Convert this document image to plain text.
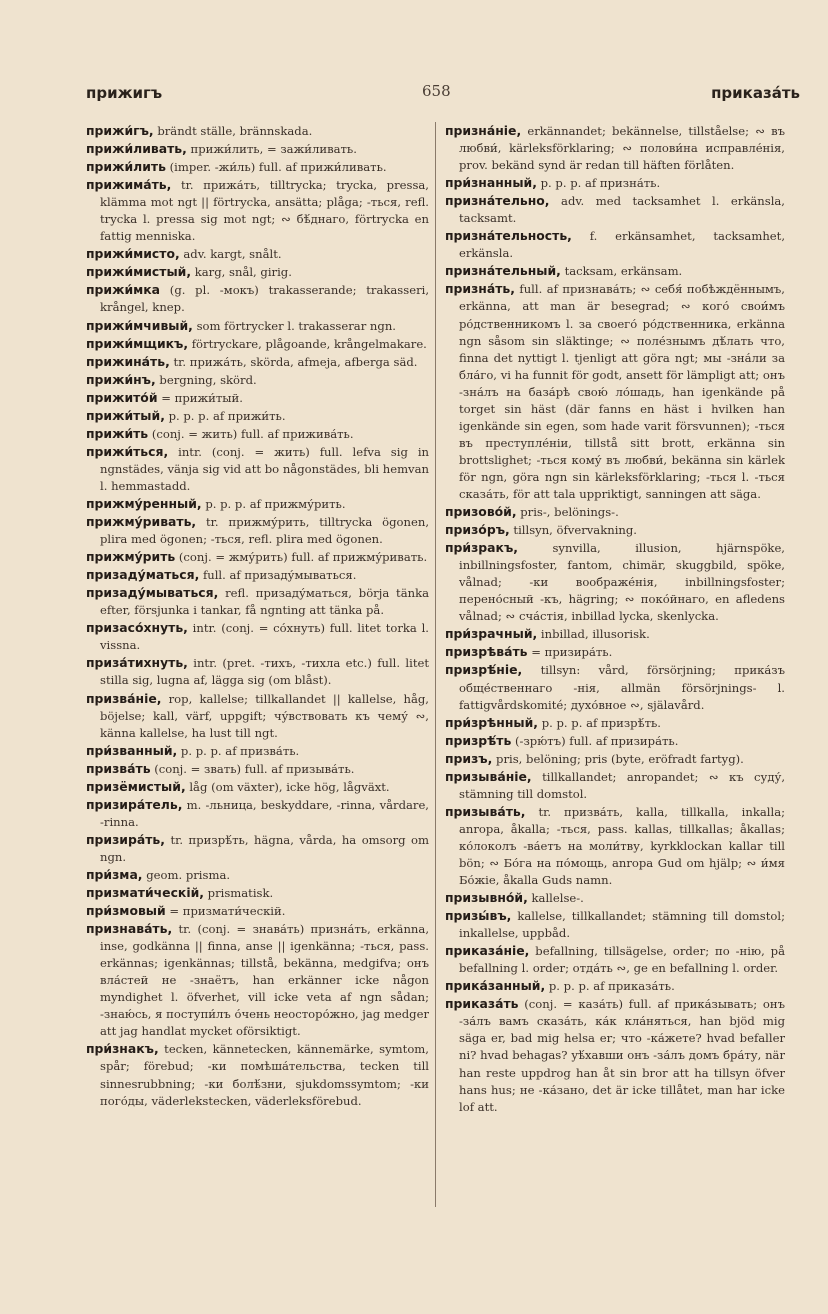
прижигъ	658	приказа́ть

прижи́гъ, brändt ställe, brännskada.

прижи́ливать, прижи́лить, = зажи́ливать.

прижи́лить (imper. -жи́ль) full. af прижи́ливать.

прижима́ть, tr. прижа́ть, tilltrycka; trycka, pressa, klämma mot ngt || förtrycka, ansätta; plåga; -ться, refl. trycka l. pressa sig mot ngt; ∾ бѣ́днаго, förtrycka en fattig menniska.

прижи́мисто, adv. kargt, snålt.

прижи́мистый, karg, snål, girig.

прижи́мка (g. pl. -мокъ) trakasserande; trakasseri, krångel, knep.

прижи́мчивый, som förtrycker l. trakasserar ngn.

прижи́мщикъ, förtryckare, plågoande, krångelmakare.

прижина́ть, tr. прижа́ть, skörda, afmeja, afberga säd.

прижи́нъ, bergning, skörd.

прижито́й = прижи́тый.

прижи́тый, p. p. p. af прижи́ть.

прижи́ть (conj. = жить) full. af прижива́ть.

прижи́ться, intr. (conj. = жить) full. lefva sig in ngnstädes, vänja sig vid att bo någonstädes, bli hemvan l. hemmastadd.

прижму́ренный, p. p. p. af прижму́рить.

прижму́ривать, tr. прижму́рить, tilltrycka ögonen, plira med ögonen; -ться, refl. plira med ögonen.

прижму́рить (conj. = жму́рить) full. af прижму́ривать.

призаду́маться, full. af призаду́мываться.

призаду́мываться, refl. призаду́маться, börja tänka efter, försjunka i tankar, få ngnting att tänka på.

призасо́хнуть, intr. (conj. = со́хнуть) full. litet torka l. vissna.

приза́тихнуть, intr. (pret. -тихъ, -тихла etc.) full. litet stilla sig, lugna af, lägga sig (om blåst).

призва́ніе, rop, kallelse; tillkallandet || kallelse, håg, böjelse; kall, värf, uppgift; чу́вствовать къ чему́ ∾, känna kallelse, ha lust till ngt.

при́званный, p. p. p. af призва́ть.

призва́ть (conj. = звать) full. af призыва́ть.

призёмистый, låg (om växter), icke hög, lågväxt.

призира́тель, m. -льница, beskyddare, -rinna, vårdare, -rinna.

призира́ть, tr. призрѣ́ть, hägna, vårda, ha omsorg om ngn.

при́зма, geom. prisma.

призмати́ческій, prismatisk.

при́змовый = призмати́ческій.

признава́ть, tr. (conj. = знава́ть) призна́ть, erkänna, inse, godkänna || finna, anse || igenkänna; -ться, pass. erkännas; igenkännas; tillstå, bekänna, medgifva; онъ вла́стей не -знаётъ, han erkänner icke någon myndighet l. öfverhet, vill icke veta af ngn sådan; -знаю́сь, я поступи́лъ о́чень неосторо́жно, jag medger att jag handlat mycket oförsiktigt.

при́знакъ, tecken, kännetecken, kännemärke, symtom, spår; förebud; -ки помѣша́тельства, tecken till sinnesrubbning; -ки болѣ́зни, sjukdomssymtom; -ки пого́ды, väderlekstecken, väderleksförebud.

призна́ніе, erkännandet; bekännelse, tillståelse; ∾ въ любви́, kärleksförklaring; ∾ полови́на исправле́нія, prov. bekänd synd är redan till häften förlåten.

при́знанный, p. p. p. af призна́ть.

призна́тельно, adv. med tacksamhet l. erkänsla, tacksamt.

призна́тельность, f. erkänsamhet, tacksamhet, erkänsla.

призна́тельный, tacksam, erkänsam.

призна́ть, full. af признава́ть; ∾ себя́ побѣждённымъ, erkänna, att man är besegrad; ∾ кого́ свои́мъ ро́дственникомъ l. за своего́ ро́дственника, erkänna ngn såsom sin släktinge; ∾ поле́знымъ дѣ́лать что, finna det nyttigt l. tjenligt att göra ngt; мы -зна́ли за бла́го, vi ha funnit för godt, ansett för lämpligt att; онъ -зна́лъ на база́рѣ свою́ ло́шадь, han igenkände på torget sin häst (där fanns en häst i hvilken han igenkände sin egen, som hade varit försvunnen); -ться въ преступле́ніи, tillstå sitt brott, erkänna sin brottslighet; -ться кому́ въ любви́, bekänna sin kärlek för ngn, göra ngn sin kärleksförklaring; -ться l. -ться сказа́ть, för att tala uppriktigt, sanningen att säga.

призово́й, pris-, belönings-.

призо́ръ, tillsyn, öfvervakning.

при́зракъ,	synvilla, illusion, hjärnspöke, inbillningsfoster, fantom, chimär, skuggbild, spöke, vålnad; -ки воображе́нія, inbillningsfoster; перено́сный -къ, hägring; ∾ поко́йнаго, en afledens vålnad; ∾ сча́стія, inbillad lycka, skenlycka.

при́зрачный, inbillad, illusorisk.

призрѣва́ть = призира́ть.

призрѣ́ніе, tillsyn: vård, försörjning; прика́зъ обще́ственнаго -нія, allmän försörjnings- l. fattigvårdskomité; духо́вное ∾, själavård.

при́зрѣнный, p. p. p. af призрѣ́ть.

призрѣ́ть (-зрю́тъ) full. af призира́ть.

призъ, pris, belöning; pris (byte, eröfradt fartyg).

призыва́ніе, tillkallandet; anropandet; ∾ къ суду́, stämning till domstol.

призыва́ть, tr. призва́ть, kalla, tillkalla, inkalla; anropa, åkalla; -ться, pass. kallas, tillkallas; åkallas; ко́локолъ -ва́етъ на моли́тву, kyrkklockan kallar till bön; ∾ Бо́га на по́мощь, anropa Gud om hjälp; ∾ и́мя Бо́жіе, åkalla Guds namn.

призывно́й, kallelse-.

призы́въ, kallelse, tillkallandet; stämning till domstol; inkallelse, uppbåd.

приказа́ніе, befallning, tillsägelse, order; по -нію, på befallning l. order; отда́ть ∾, ge en befallning l. order.

прика́занный, p. p. p. af приказа́ть.

приказа́ть (conj. = каза́ть) full. af прика́зывать; онъ -за́лъ вамъ сказа́ть, ка́к кла́няться, han bjöd mig säga er, bad mig helsa er; что -ка́жете? hvad befaller ni? hvad behagas? уѣ́хавши онъ -за́лъ домъ бра́ту, när han reste uppdrog han åt sin bror att ha tillsyn öfver hans hus; не -ка́зано, det är icke tillåtet, man har icke lof att.
